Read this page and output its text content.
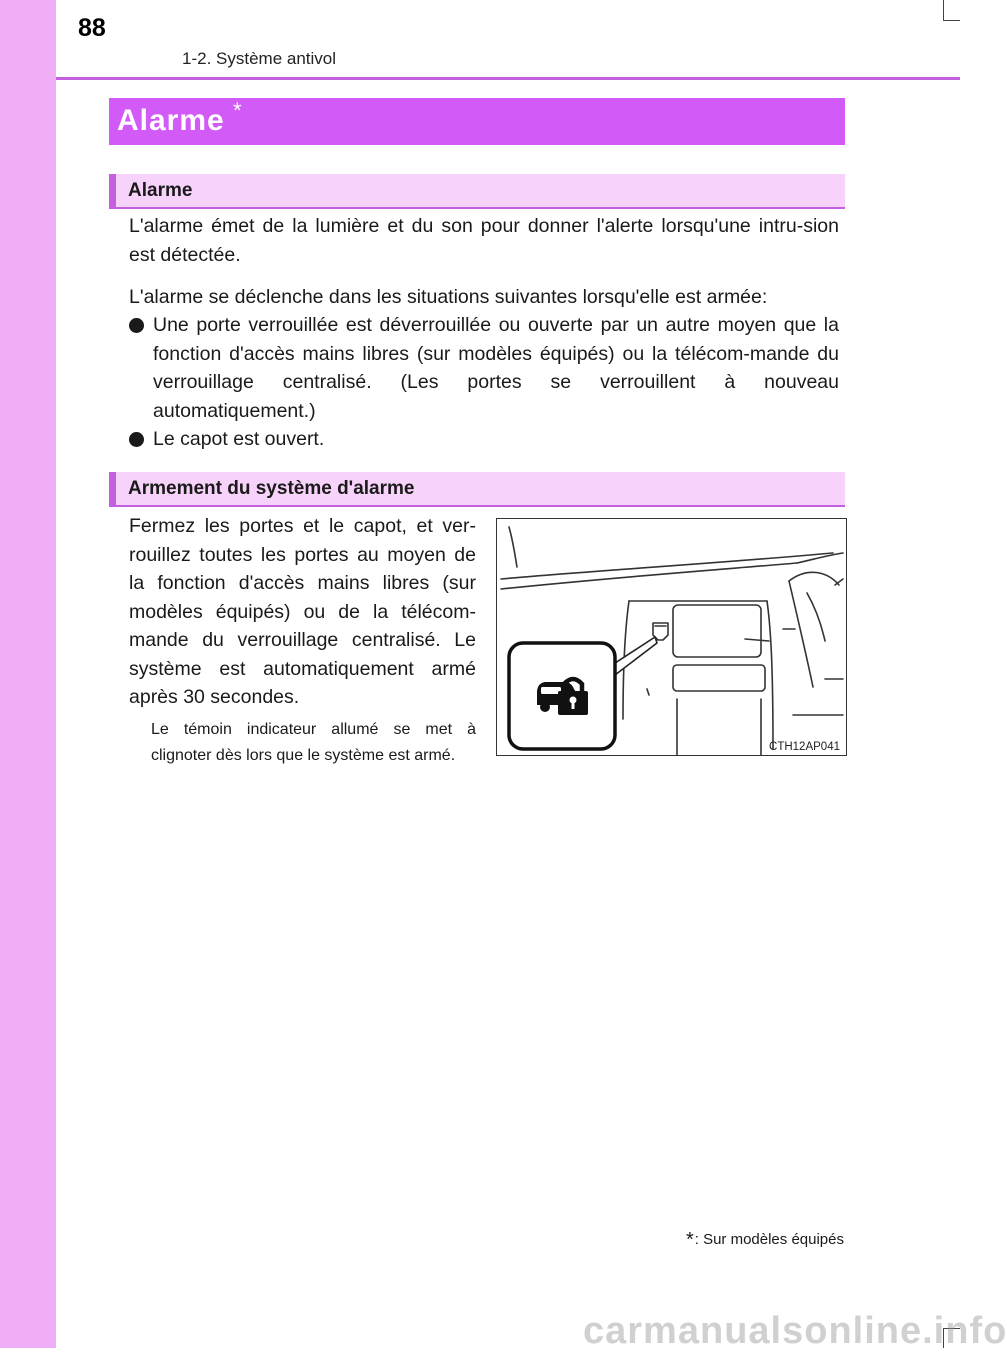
88
1-2. Système antivol
Alarme *
Alarme
L'alarme émet de la lumière et du son pour donner l'alerte lorsqu'une intru-sion est détectée.
L'alarme se déclenche dans les situations suivantes lorsqu'elle est armée:
Une porte verrouillée est déverrouillée ou ouverte par un autre moyen que la fonction d'accès mains libres (sur modèles équipés) ou la télécom-mande du verrouillage centralisé. (Les portes se verrouillent à nouveau automatiquement.)
Le capot est ouvert.
Armement du système d'alarme
Fermez les portes et le capot, et ver-rouillez toutes les portes au moyen de la fonction d'accès mains libres (sur modèles équipés) ou de la télécom-mande du verrouillage centralisé. Le système est automatiquement armé après 30 secondes.
Le témoin indicateur allumé se met à clignoter dès lors que le système est armé.	CTH12AP041
*: Sur modèles équipés
carmanualsonline.info
